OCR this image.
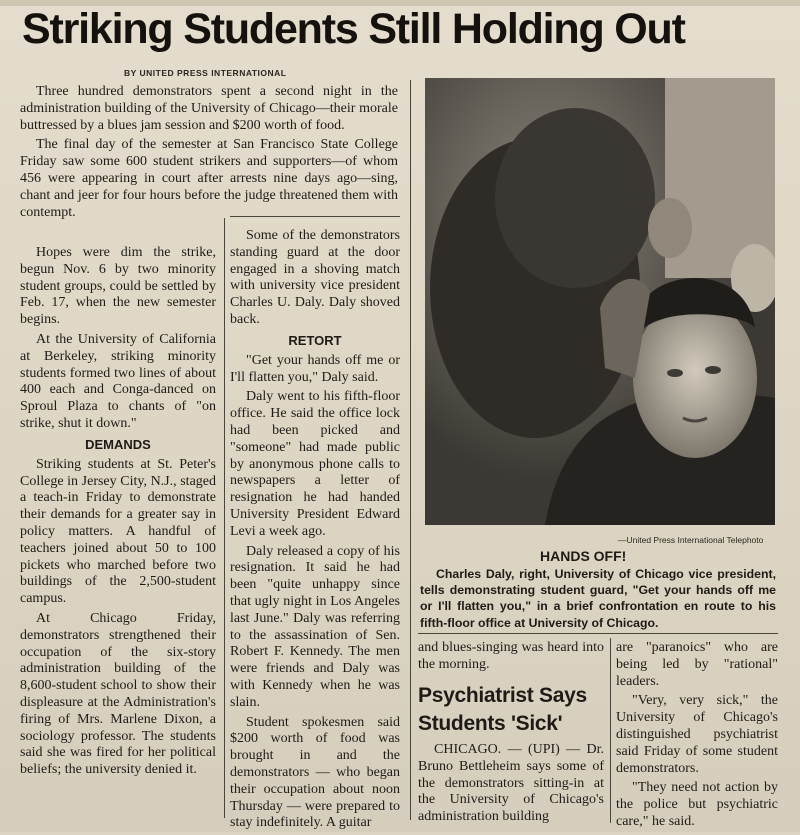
Striking Students Still Holding Out

BY UNITED PRESS INTERNATIONAL

Three hundred demonstrators spent a second night in the administration building of the University of Chicago—their morale buttressed by a blues jam session and $200 worth of food.

The final day of the semester at San Francisco State College Friday saw some 600 student strikers and supporters—of whom 456 were appearing in court after arrests nine days ago—sing, chant and jeer for four hours before the judge threatened them with contempt.

Hopes were dim the strike, begun Nov. 6 by two minority student groups, could be settled by Feb. 17, when the new semester begins.

At the University of California at Berkeley, striking minority students formed two lines of about 400 each and Conga-danced on Sproul Plaza to chants of "on strike, shut it down."

DEMANDS

Striking students at St. Peter's College in Jersey City, N.J., staged a teach-in Friday to demonstrate their demands for a greater say in policy matters. A handful of teachers joined about 50 to 100 pickets who marched before two buildings of the 2,500-student campus.

At Chicago Friday, demonstrators strengthened their occupation of the six-story administration building of the 8,600-student school to show their displeasure at the Administration's firing of Mrs. Marlene Dixon, a sociology professor. The students said she was fired for her political beliefs; the university denied it.

Some of the demonstrators standing guard at the door engaged in a shoving match with university vice president Charles U. Daly. Daly shoved back.

RETORT

"Get your hands off me or I'll flatten you," Daly said.

Daly went to his fifth-floor office. He said the office lock had been picked and "someone" had made public by anonymous phone calls to newspapers a letter of resignation he had handed University President Edward Levi a week ago.

Daly released a copy of his resignation. It said he had been "quite unhappy since that ugly night in Los Angeles last June." Daly was referring to the assassination of Sen. Robert F. Kennedy. The men were friends and Daly was with Kennedy when he was slain.

Student spokesmen said $200 worth of food was brought in and the demonstrators — who began their occupation about noon Thursday — were prepared to stay indefinitely. A guitar

—United Press International Telephoto

HANDS OFF!

Charles Daly, right, University of Chicago vice president, tells demonstrating student guard, "Get your hands off me or I'll flatten you," in a brief confrontation en route to his fifth-floor office at University of Chicago.

and blues-singing was heard into the morning.

Psychiatrist Says Students 'Sick'

CHICAGO. — (UPI) — Dr. Bruno Bettleheim says some of the demonstrators sitting-in at the University of Chicago's administration building

are "paranoics" who are being led by "rational" leaders.

"Very, very sick," the University of Chicago's distinguished psychiatrist said Friday of some student demonstrators.

"They need not action by the police but psychiatric care," he said.
